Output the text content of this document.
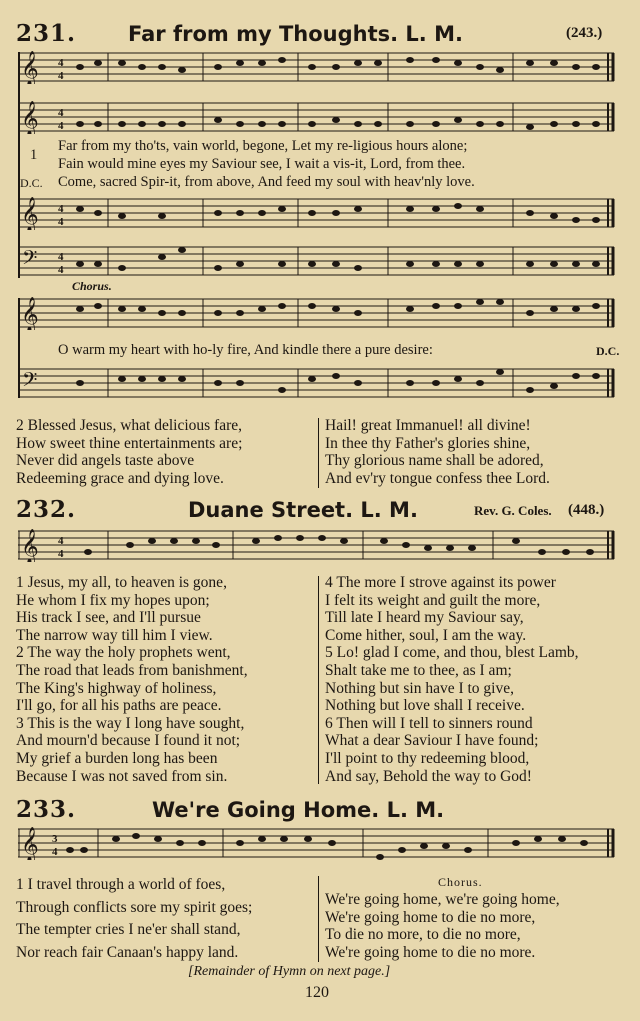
231. Far from my Thoughts. L. M.	(243.)
𝄞 4
4
𝄞 4
4
1
Far from my tho'ts, vain world, begone, Let my re-ligious hours alone;
Fain would mine eyes my Saviour see, I wait a vis-it, Lord, from thee.
D.C. Come, sacred Spir-it, from above, And feed my soul with heav'nly love.
𝄞 4
4
𝄢 4
4
Chorus.
𝄞
O warm my heart with ho-ly fire, And kindle there a pure desire:	D.C.
𝄢
2 Blessed Jesus, what delicious fare,
How sweet thine entertainments are;
Never did angels taste above
Redeeming grace and dying love.
Hail! great Immanuel! all divine!
In thee thy Father's glories shine,
Thy glorious name shall be adored,
And ev'ry tongue confess thee Lord.
232.	Duane Street. L. M.	Rev. G. Coles. (448.)
𝄞 4
4
1 Jesus, my all, to heaven is gone,
He whom I fix my hopes upon;
His track I see, and I'll pursue
The narrow way till him I view.
2 The way the holy prophets went,
The road that leads from banishment,
The King's highway of holiness,
I'll go, for all his paths are peace.
3 This is the way I long have sought,
And mourn'd because I found it not;
My grief a burden long has been
Because I was not saved from sin.
4 The more I strove against its power
I felt its weight and guilt the more,
Till late I heard my Saviour say,
Come hither, soul, I am the way.
5 Lo! glad I come, and thou, blest Lamb,
Shalt take me to thee, as I am;
Nothing but sin have I to give,
Nothing but love shall I receive.
6 Then will I tell to sinners round
What a dear Saviour I have found;
I'll point to thy redeeming blood,
And say, Behold the way to God!
233.	We're Going Home. L. M.
𝄞 3
4
1 I travel through a world of foes,
Through conflicts sore my spirit goes;
The tempter cries I ne'er shall stand,
Nor reach fair Canaan's happy land.
Chorus.
We're going home, we're going home,
We're going home to die no more,
To die no more, to die no more,
We're going home to die no more.
[Remainder of Hymn on next page.]
120
